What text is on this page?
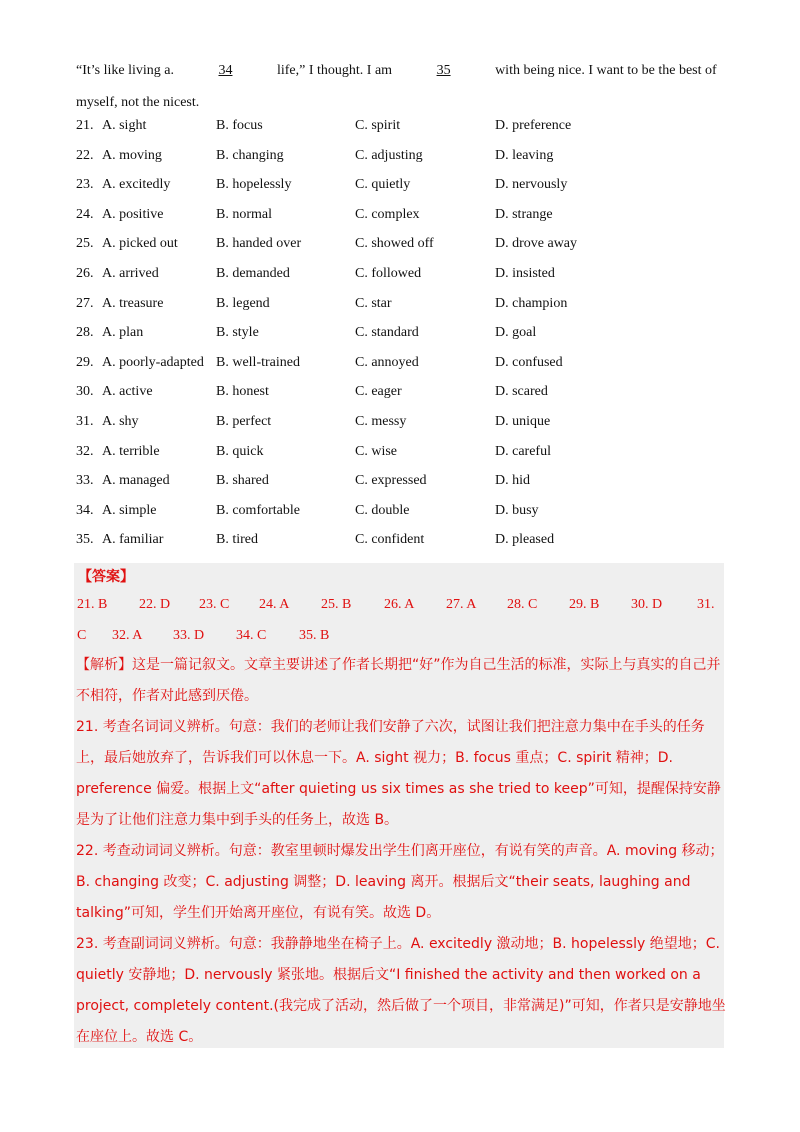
“It’s like living a.	34	life,” I thought. I am	35	with being nice. I want to be the best of
myself, not the nicest.
21. A. sight	B. focus	C. spirit	D. preference
22. A. moving	B. changing	C. adjusting	D. leaving
23. A. excitedly	B. hopelessly	C. quietly	D. nervously
24. A. positive	B. normal	C. complex	D. strange
25. A. picked out	B. handed over	C. showed off	D. drove away
26. A. arrived	B. demanded	C. followed	D. insisted
27. A. treasure	B. legend	C. star	D. champion
28. A. plan	B. style	C. standard	D. goal
29. A. poorly-adapted B. well-trained	C. annoyed	D. confused
30. A. active	B. honest	C. eager	D. scared
31. A. shy	B. perfect	C. messy	D. unique
32. A. terrible	B. quick	C. wise	D. careful
33. A. managed	B. shared	C. expressed	D. hid
34. A. simple	B. comfortable	C. double	D. busy
35. A. familiar	B. tired	C. confident	D. pleased
【答案】
21. B 22. D 23. C 24. A 25. B 26. A 27. A 28. C 29. B 30. D 31.
C 32. A 33. D 34. C 35. B
【解析】这是一篇记叙文。文章主要讲述了作者长期把“好”作为自己生活的标准，实际上与真实的自己并不相符，作者对此感到厌倦。
21. 考查名词词义辨析。句意：我们的老师让我们安静了六次，试图让我们把注意力集中在手头的任务上，最后她放弃了，告诉我们可以休息一下。A. sight 视力；B. focus 重点；C. spirit 精神；D. preference 偏爱。根据上文“after quieting us six times as she tried to keep”可知，提醒保持安静是为了让他们注意力集中到手头的任务上，故选 B。
22. 考查动词词义辨析。句意：教室里顿时爆发出学生们离开座位，有说有笑的声音。A. moving 移动；B. changing 改变；C. adjusting 调整；D. leaving 离开。根据后文“their seats, laughing and talking”可知，学生们开始离开座位，有说有笑。故选 D。
23. 考查副词词义辨析。句意：我静静地坐在椅子上。A. excitedly 激动地；B. hopelessly 绝望地；C. quietly 安静地；D. nervously 紧张地。根据后文“I finished the activity and then worked on a project, completely content.(我完成了活动，然后做了一个项目，非常满足)”可知，作者只是安静地坐在座位上。故选 C。
